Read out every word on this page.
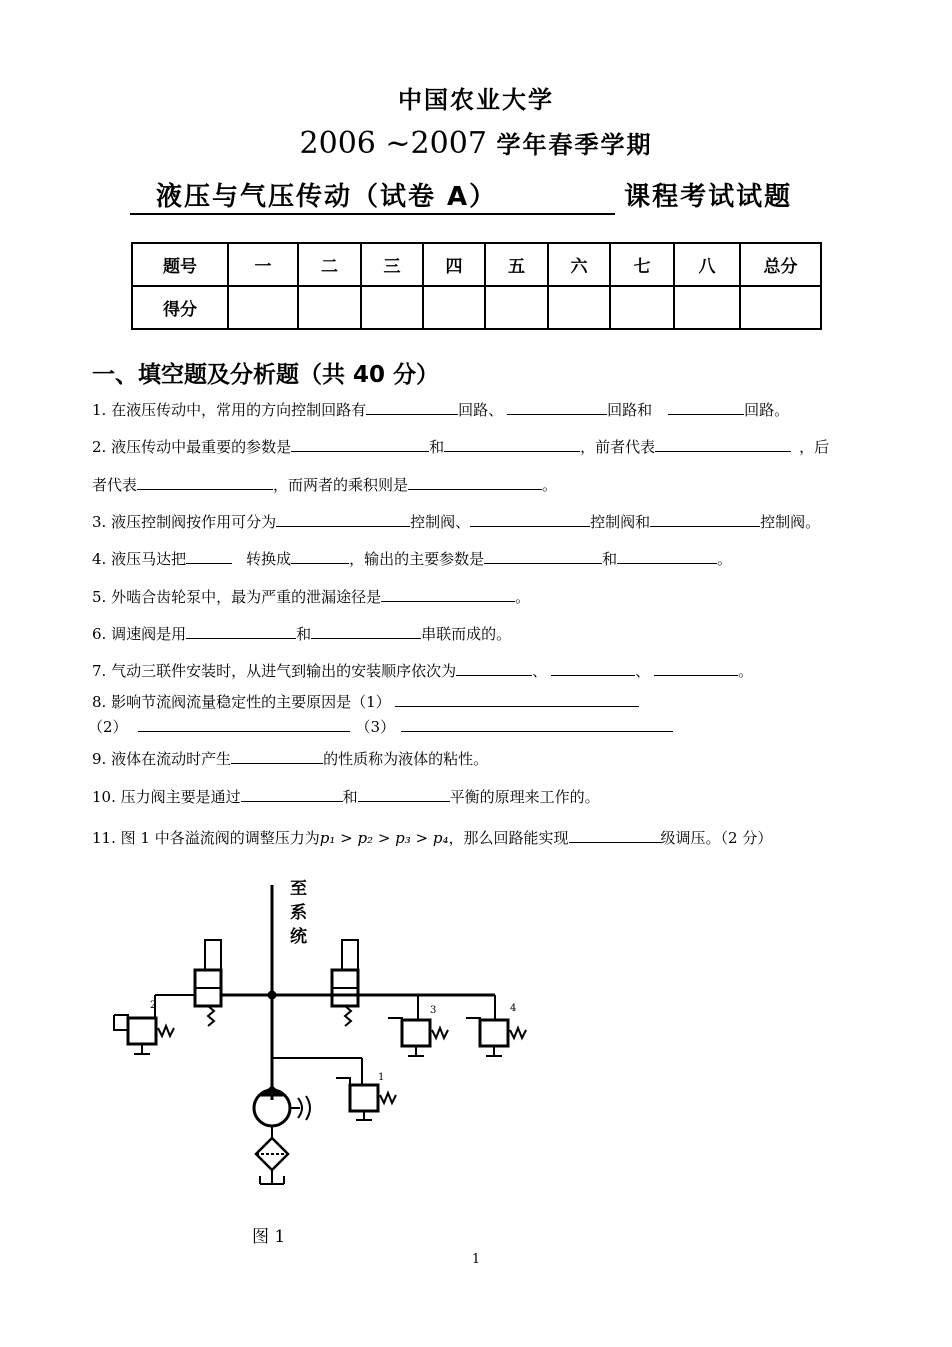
中国农业大学
2006 ~2007 学年春季学期
液压与气压传动（试卷 A）	课程考试试题
题号	一	二	三	四	五	六	七	八	总分
得分									
一、填空题及分析题（共 40 分）
1. 在液压传动中，常用的方向控制回路有	回路、	回路和	回路。
2. 液压传动中最重要的参数是	和	，前者代表	，后
者代表	，而两者的乘积则是	。
3. 液压控制阀按作用可分为	控制阀、	控制阀和	控制阀。
4. 液压马达把	转换成	，输出的主要参数是	和	。
5. 外啮合齿轮泵中，最为严重的泄漏途径是	。
6. 调速阀是用	和	串联而成的。
7. 气动三联件安装时，从进气到输出的安装顺序依次为	、	、	。
8. 影响节流阀流量稳定性的主要原因是（1）
（2）	（3）
9. 液体在流动时产生	的性质称为液体的粘性。
10. 压力阀主要是通过	和	平衡的原理来工作的。
11. 图 1 中各溢流阀的调整压力为p₁ > p₂ > p₃ > p₄，那么回路能实现	级调压。（2 分）
至
系
2	3	4
1
统
图 1
1
